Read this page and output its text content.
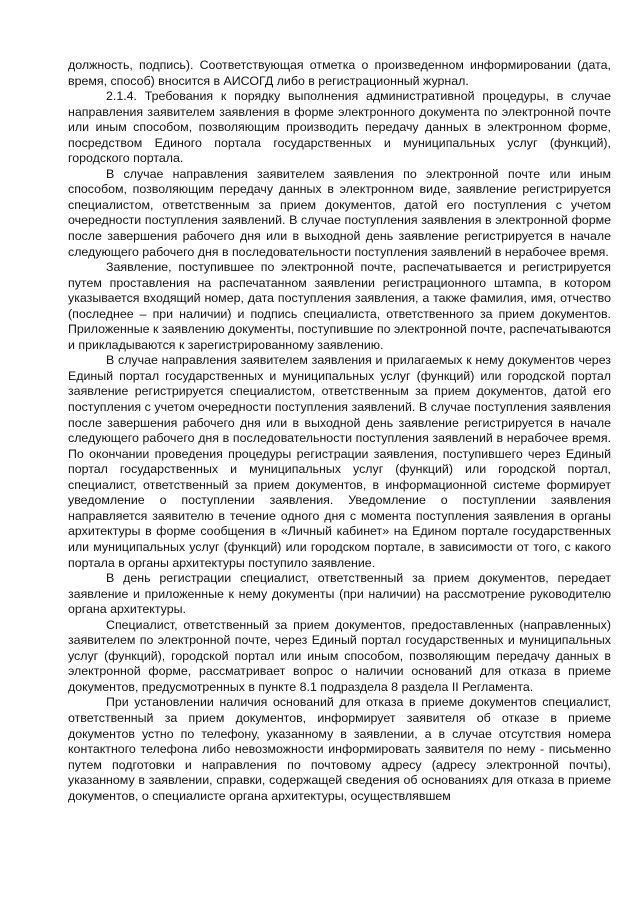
должность, подпись). Соответствующая отметка о произведенном информировании (дата, время, способ) вносится в АИСОГД либо в регистрационный журнал.

2.1.4. Требования к порядку выполнения административной процедуры, в случае направления заявителем заявления в форме электронного документа по электронной почте или иным способом, позволяющим производить передачу данных в электронном форме, посредством Единого портала государственных и муниципальных услуг (функций), городского портала.

В случае направления заявителем заявления по электронной почте или иным способом, позволяющим передачу данных в электронном виде, заявление регистрируется специалистом, ответственным за прием документов, датой его поступления с учетом очередности поступления заявлений. В случае поступления заявления в электронной форме после завершения рабочего дня или в выходной день заявление регистрируется в начале следующего рабочего дня в последовательности поступления заявлений в нерабочее время.

Заявление, поступившее по электронной почте, распечатывается и регистрируется путем проставления на распечатанном заявлении регистрационного штампа, в котором указывается входящий номер, дата поступления заявления, а также фамилия, имя, отчество (последнее – при наличии) и подпись специалиста, ответственного за прием документов. Приложенные к заявлению документы, поступившие по электронной почте, распечатываются и прикладываются к зарегистрированному заявлению.

В случае направления заявителем заявления и прилагаемых к нему документов через Единый портал государственных и муниципальных услуг (функций) или городской портал заявление регистрируется специалистом, ответственным за прием документов, датой его поступления с учетом очередности поступления заявлений. В случае поступления заявления после завершения рабочего дня или в выходной день заявление регистрируется в начале следующего рабочего дня в последовательности поступления заявлений в нерабочее время. По окончании проведения процедуры регистрации заявления, поступившего через Единый портал государственных и муниципальных услуг (функций) или городской портал, специалист, ответственный за прием документов, в информационной системе формирует уведомление о поступлении заявления. Уведомление о поступлении заявления направляется заявителю в течение одного дня с момента поступления заявления в органы архитектуры в форме сообщения в «Личный кабинет» на Едином портале государственных или муниципальных услуг (функций) или городском портале, в зависимости от того, с какого портала в органы архитектуры поступило заявление.

В день регистрации специалист, ответственный за прием документов, передает заявление и приложенные к нему документы (при наличии) на рассмотрение руководителю органа архитектуры.

Специалист, ответственный за прием документов, предоставленных (направленных) заявителем по электронной почте, через Единый портал государственных и муниципальных услуг (функций), городской портал или иным способом, позволяющим передачу данных в электронной форме, рассматривает вопрос о наличии оснований для отказа в приеме документов, предусмотренных в пункте 8.1 подраздела 8 раздела II Регламента.

При установлении наличия оснований для отказа в приеме документов специалист, ответственный за прием документов, информирует заявителя об отказе в приеме документов устно по телефону, указанному в заявлении, а в случае отсутствия номера контактного телефона либо невозможности информировать заявителя по нему - письменно путем подготовки и направления по почтовому адресу (адресу электронной почты), указанному в заявлении, справки, содержащей сведения об основаниях для отказа в приеме документов, о специалисте органа архитектуры, осуществлявшем
